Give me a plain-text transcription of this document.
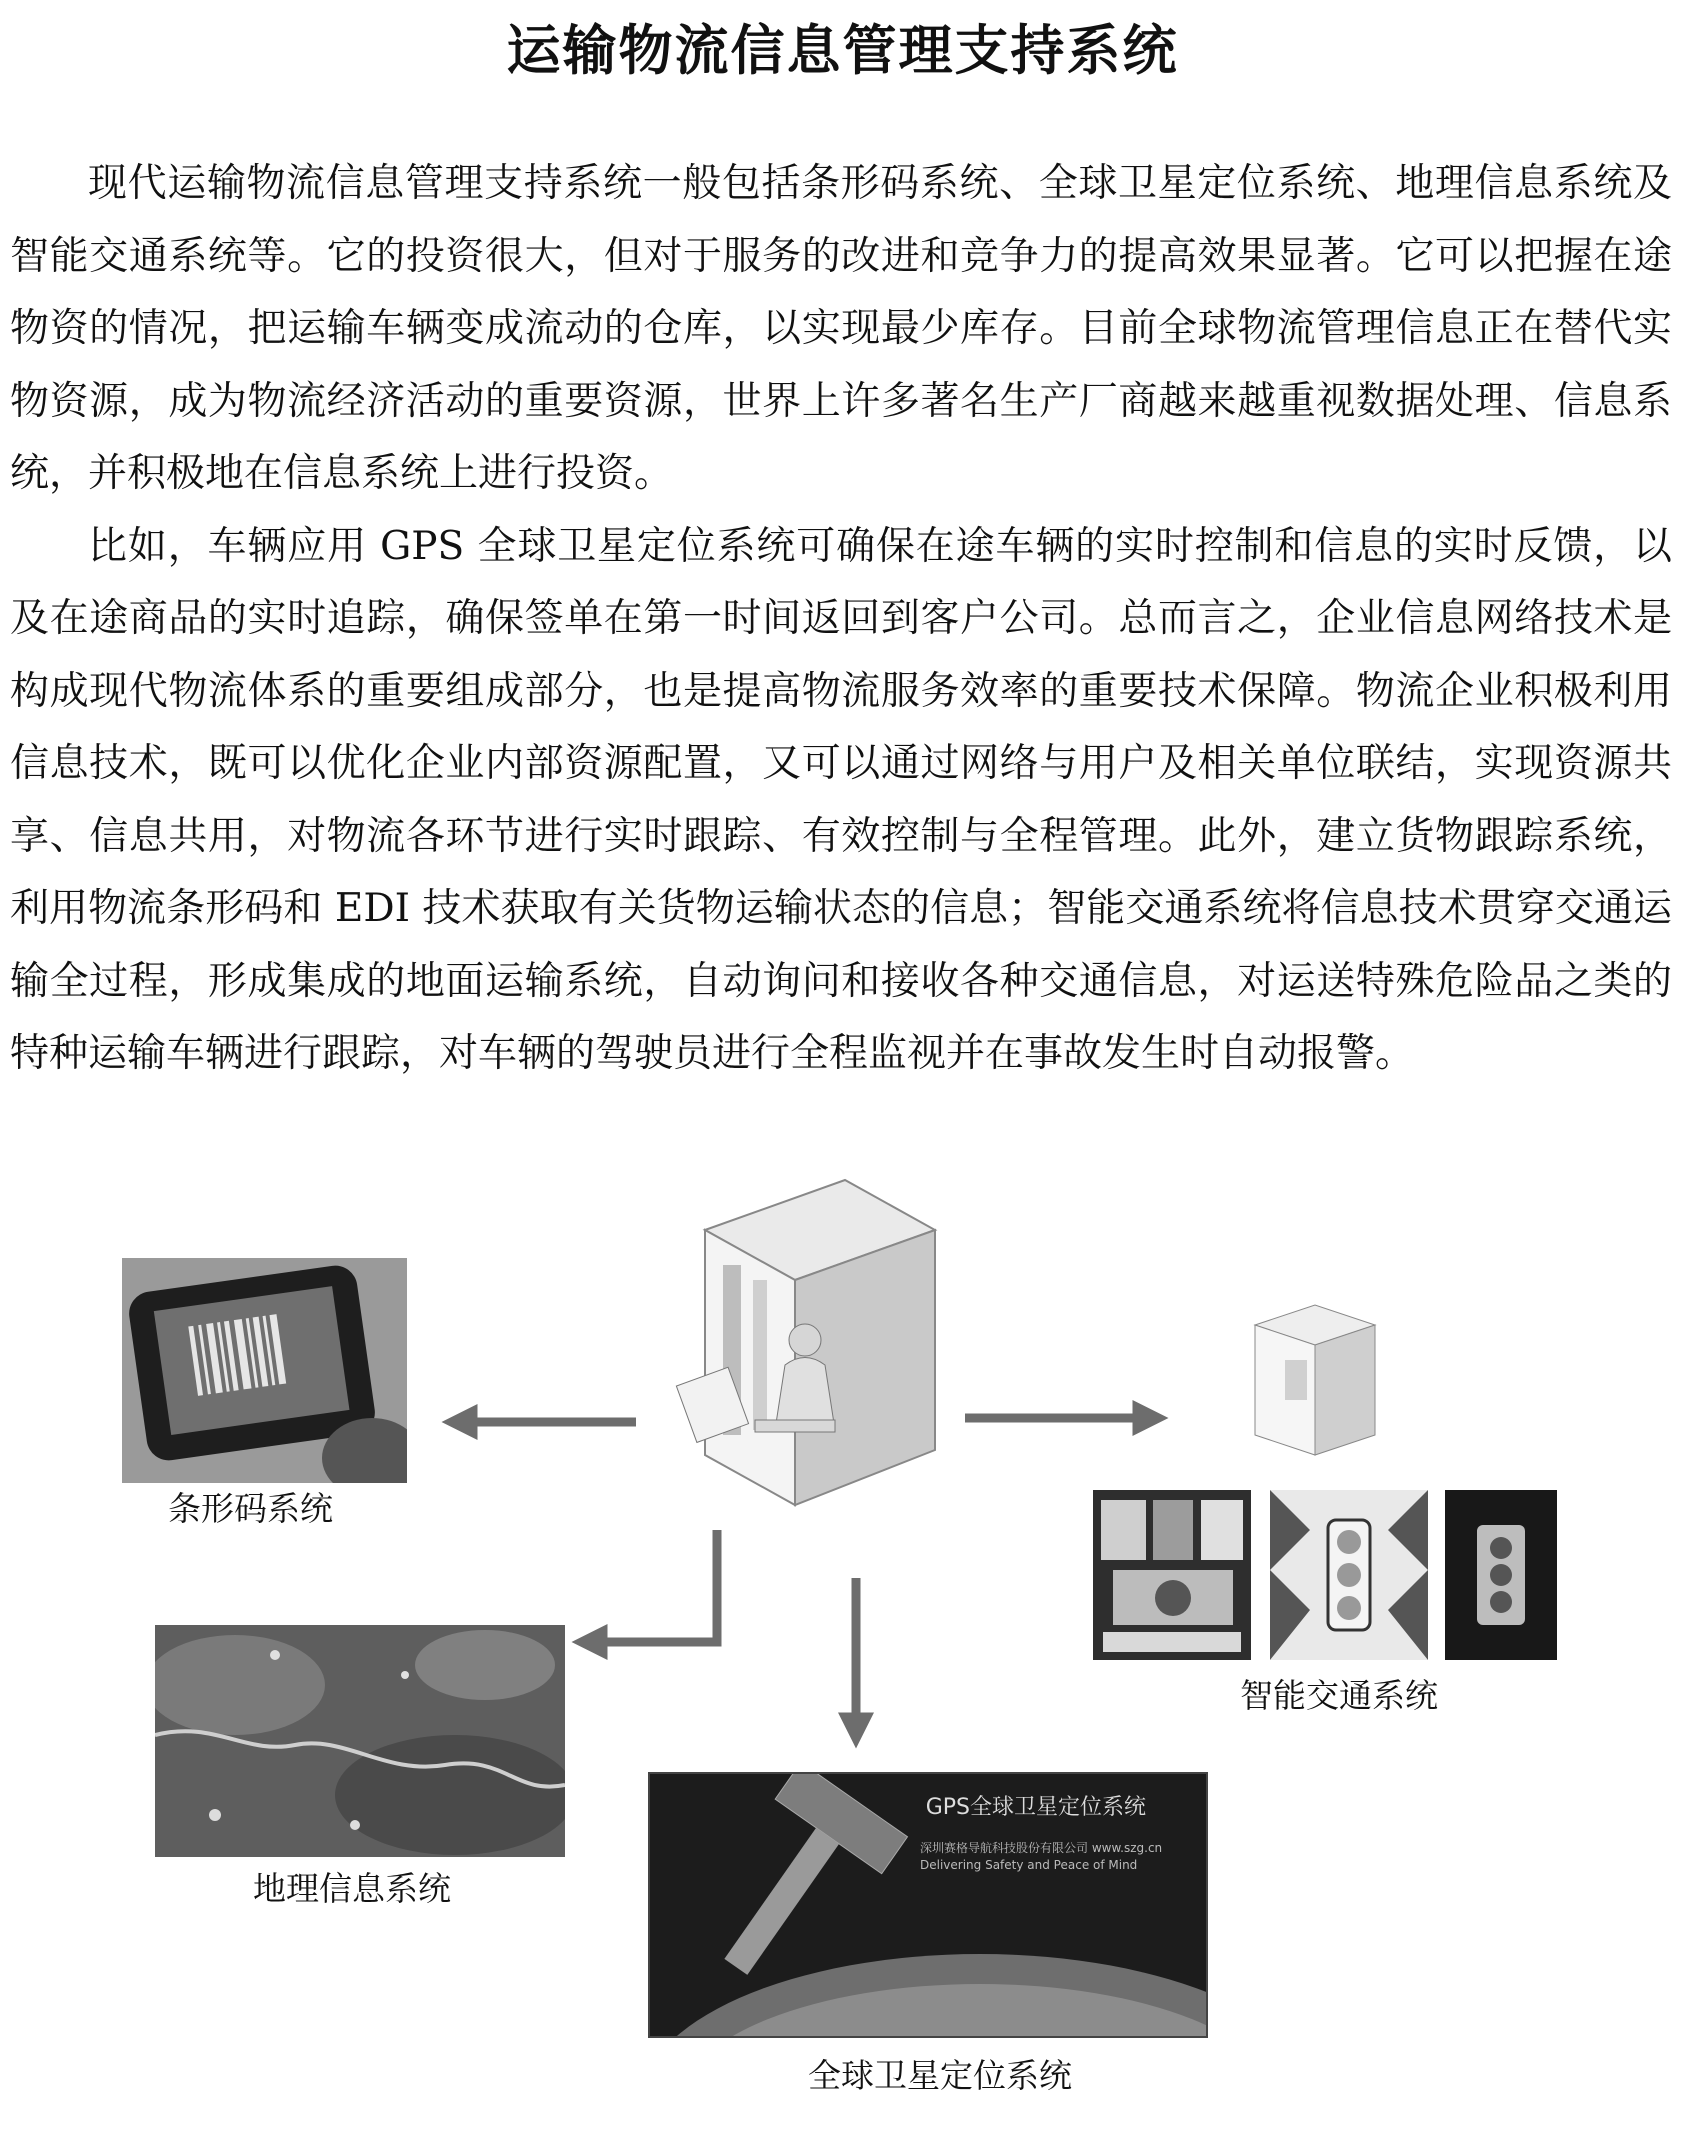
运输物流信息管理支持系统

现代运输物流信息管理支持系统一般包括条形码系统、全球卫星定位系统、地理信息系统及智能交通系统等。它的投资很大，但对于服务的改进和竞争力的提高效果显著。它可以把握在途物资的情况，把运输车辆变成流动的仓库，以实现最少库存。目前全球物流管理信息正在替代实物资源，成为物流经济活动的重要资源，世界上许多著名生产厂商越来越重视数据处理、信息系统，并积极地在信息系统上进行投资。

比如，车辆应用 GPS 全球卫星定位系统可确保在途车辆的实时控制和信息的实时反馈，以及在途商品的实时追踪，确保签单在第一时间返回到客户公司。总而言之，企业信息网络技术是构成现代物流体系的重要组成部分，也是提高物流服务效率的重要技术保障。物流企业积极利用信息技术，既可以优化企业内部资源配置，又可以通过网络与用户及相关单位联结，实现资源共享、信息共用，对物流各环节进行实时跟踪、有效控制与全程管理。此外，建立货物跟踪系统，利用物流条形码和 EDI 技术获取有关货物运输状态的信息；智能交通系统将信息技术贯穿交通运输全过程，形成集成的地面运输系统，自动询问和接收各种交通信息，对运送特殊危险品之类的特种运输车辆进行跟踪，对车辆的驾驶员进行全程监视并在事故发生时自动报警。

条形码系统
智能交通系统
地理信息系统
GPS全球卫星定位系统
深圳赛格导航科技股份有限公司 www.szg.cn
Delivering Safety and Peace of Mind
全球卫星定位系统
